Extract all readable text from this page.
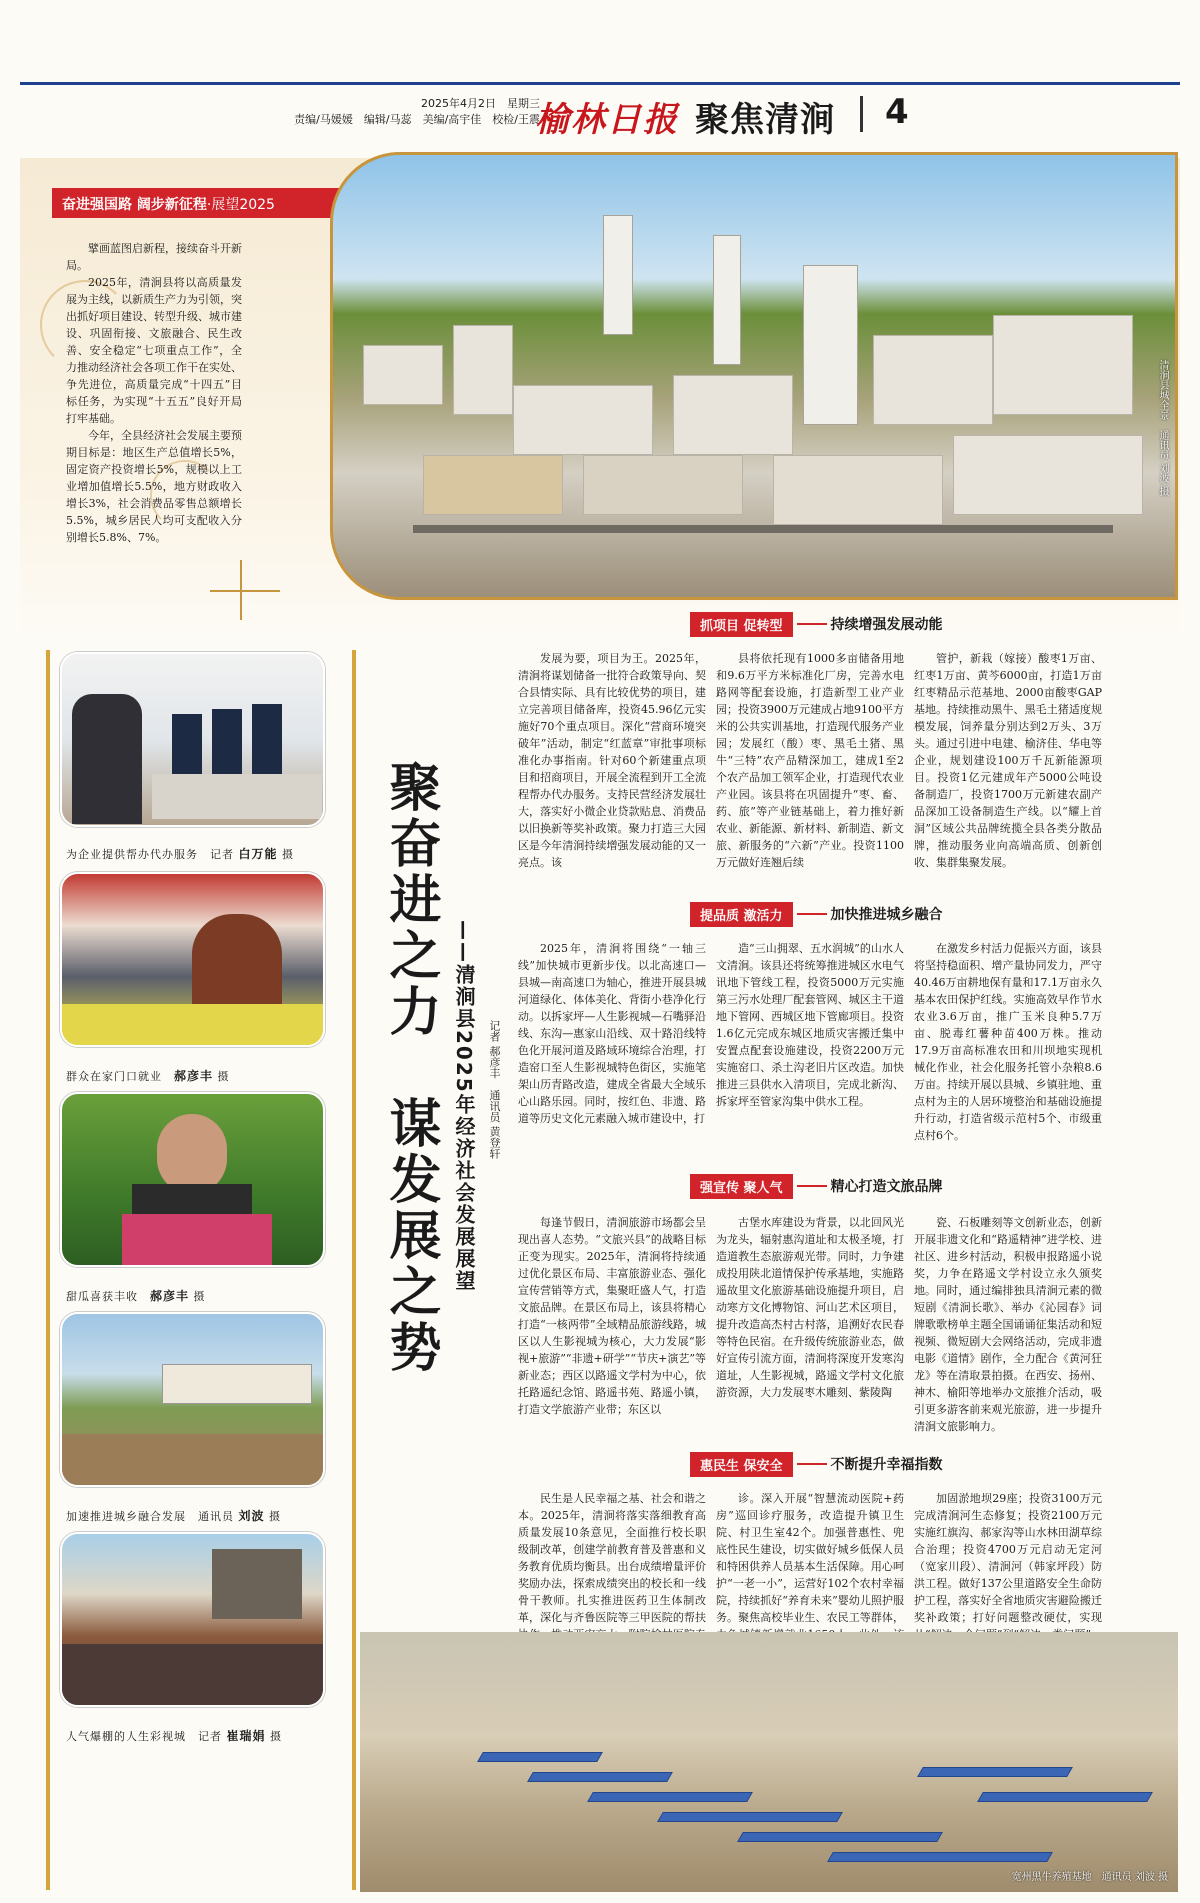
2025年4月2日　星期三
责编/马媛媛　编辑/马蕊　美编/高宇佳　校检/王震
榆林日报 聚焦清涧 4
奋进强国路 阔步新征程·展望2025

擘画蓝图启新程，接续奋斗开新局。

2025年，清涧县将以高质量发展为主线，以新质生产力为引领，突出抓好项目建设、转型升级、城市建设、巩固衔接、文旅融合、民生改善、安全稳定“七项重点工作”，全力推动经济社会各项工作干在实处、争先进位，高质量完成“十四五”目标任务，为实现“十五五”良好开局打牢基础。

今年，全县经济社会发展主要预期目标是：地区生产总值增长5%，固定资产投资增长5%，规模以上工业增加值增长5.5%，地方财政收入增长3%，社会消费品零售总额增长5.5%，城乡居民人均可支配收入分别增长5.8%、7%。

清涧县城全景　通讯员 刘波 摄
为企业提供帮办代办服务　记者 白万能 摄
群众在家门口就业　郝彦丰 摄
甜瓜喜获丰收　郝彦丰 摄
加速推进城乡融合发展　通讯员 刘波 摄
人气爆棚的人生彩视城　记者 崔瑞娟 摄
聚奋进之力　谋发展之势 ——清涧县2025年经济社会发展展望 记者 郝彦丰　通讯员 黄登轩
抓项目 促转型	持续增强发展动能

发展为要，项目为王。2025年，清涧将谋划储备一批符合政策导向、契合县情实际、具有比较优势的项目，建立完善项目储备库，投资45.96亿元实施好70个重点项目。深化“营商环境突破年”活动，制定“红蓝章”审批事项标准化办事指南。针对60个新建重点项目和招商项目，开展全流程到开工全流程帮办代办服务。支持民营经济发展壮大，落实好小微企业贷款贴息、消费品以旧换新等奖补政策。聚力打造三大园区是今年清涧持续增强发展动能的又一亮点。该

县将依托现有1000多亩储备用地和9.6万平方米标准化厂房，完善水电路网等配套设施，打造新型工业产业园；投资3900万元建成占地9100平方米的公共实训基地，打造现代服务产业园；发展红（酸）枣、黑毛土猪、黑牛“三特”农产品精深加工，建成1至2个农产品加工领军企业，打造现代农业产业园。该县将在巩固提升“枣、畜、药、旅”等产业链基础上，着力推好新农业、新能源、新材料、新制造、新文旅、新服务的“六新”产业。投资1100万元做好连翘后续

管护，新栽（嫁接）酸枣1万亩、红枣1万亩、黄芩6000亩，打造1万亩红枣精品示范基地、2000亩酸枣GAP基地。持续推动黑牛、黑毛土猪适度规模发展，饲养量分别达到2万头、3万头。通过引进中电建、榆济佳、华电等企业，规划建设100万千瓦新能源项目。投资1亿元建成年产5000公吨设备制造厂，投资1700万元新建农副产品深加工设备制造生产线。以“耀上首洞”区域公共品牌统揽全县各类分散品牌，推动服务业向高端高质、创新创收、集群集聚发展。

提品质 激活力	加快推进城乡融合

2025年，清涧将围绕“一轴三线”加快城市更新步伐。以北高速口—县城—南高速口为轴心，推进开展县城河道绿化、体体美化、背街小巷净化行动。以拆家坪—人生影视城—石嘴驿沿线、东沟—惠家山沿线、双十路沿线特色化开展河道及路域环境综合治理，打造窑口至人生影视城特色街区，实施笔架山历青路改造，建成全省最大全域乐心山路乐园。同时，按红色、非遗、路道等历史文化元素融入城市建设中，打

造“三山拥翠、五水润城”的山水人文清涧。该县还将统筹推进城区水电气讯地下管线工程，投资5000万元实施第三污水处理厂配套管网、城区主干道地下管网、西城区地下管廊项目。投资1.6亿元完成东城区地质灾害搬迁集中安置点配套设施建设，投资2200万元实施窑口、杀土沟老旧片区改造。加快推进三县供水入清项目，完成北新沟、拆家坪至管家沟集中供水工程。

在激发乡村活力促振兴方面，该县将坚持稳面积、增产量协同发力，严守40.46万亩耕地保有量和17.1万亩永久基本农田保护红线。实施高效早作节水农业3.6万亩，推广玉米良种5.7万亩、脱毒红薯种苗400万株。推动17.9万亩高标准农田和川坝地实现机械化作业，社会化服务托管小杂粮8.6万亩。持续开展以县城、乡镇驻地、重点村为主的人居环境整治和基础设施提升行动，打造省级示范村5个、市级重点村6个。

强宣传 聚人气	精心打造文旅品牌

每逢节假日，清涧旅游市场都会呈现出喜人态势。“文旅兴县”的战略目标正变为现实。2025年，清涧将持续通过优化景区布局、丰富旅游业态、强化宣传营销等方式，集聚旺盛人气，打造文旅品牌。在景区布局上，该县将精心打造“一核两带”全域精品旅游线路，城区以人生影视城为核心，大力发展“影视+旅游”“非遗+研学”“节庆+演艺”等新业态；西区以路遥文学村为中心，依托路遥纪念馆、路遥书苑、路遥小镇，打造文学旅游产业带；东区以

古堡水库建设为背景，以北回风光为龙头，辐射惠沟道址和太极圣境，打造道教生态旅游观光带。同时，力争建成投用陕北道情保护传承基地，实施路遥故里文化旅游基础设施提升项目，启动寒方文化博物馆、河山艺术区项目，提升改造高杰村古村落，追溯好农民春等特色民宿。在升级传统旅游业态，做好宣传引流方面，清涧将深度开发寒沟道址，人生影视城，路遥文学村文化旅游资源，大力发展枣木雕刻、紫陵陶

瓷、石板雕刻等文创新业态，创新开展非遗文化和“路遥精神”进学校、进社区、进乡村活动，积极申报路遥小说奖，力争在路遥文学村设立永久颁奖地。同时，通过编排独具清涧元素的微短剧《清涧长歌》、举办《沁园春》词牌歌歌榜单主题全国诵诵征集活动和短视频、微短剧大会网络活动，完成非遗电影《道情》剧作，全力配合《黄河狂龙》等在清取景拍摄。在西安、扬州、神木、榆阳等地举办文旅推介活动，吸引更多游客前来观光旅游，进一步提升清涧文旅影响力。

惠民生 保安全	不断提升幸福指数

民生是人民幸福之基、社会和谐之本。2025年，清涧将落实落细教育高质量发展10条意见，全面推行校长职级制改革，创建学前教育普及普惠和义务教育优质均衡县。出台成绩增量评价奖励办法，探索成绩突出的校长和一线骨干教师。扎实推进医药卫生体制改革，深化与齐鲁医院等三甲医院的帮扶

诊。深入开展“智慧流动医院+药房”巡回诊疗服务，改造提升镇卫生院、村卫生室42个。加强普惠性、兜底性民生建设，切实做好城乡低保人员和特困供养人员基本生活保障。用心呵护“一老一小”，运营好102个农村幸福院，持续抓好“养育未来”婴幼儿照护服务。聚焦高校毕业生、农民工等群体，

加固淤地坝29座；投资3100万元完成清涧河生态修复；投资2100万元实施红旗沟、郝家沟等山水林田湖草综合治理；投资4700万元启动无定河（宽家川段）、清涧河（韩家坪段）防洪工程。做好137公里道路安全生命防护工程，落实好全省地质灾害避险搬迁奖补政策；打好问题整改硬仗，实现

宽州黑牛养殖基地　通讯员 刘波 摄
